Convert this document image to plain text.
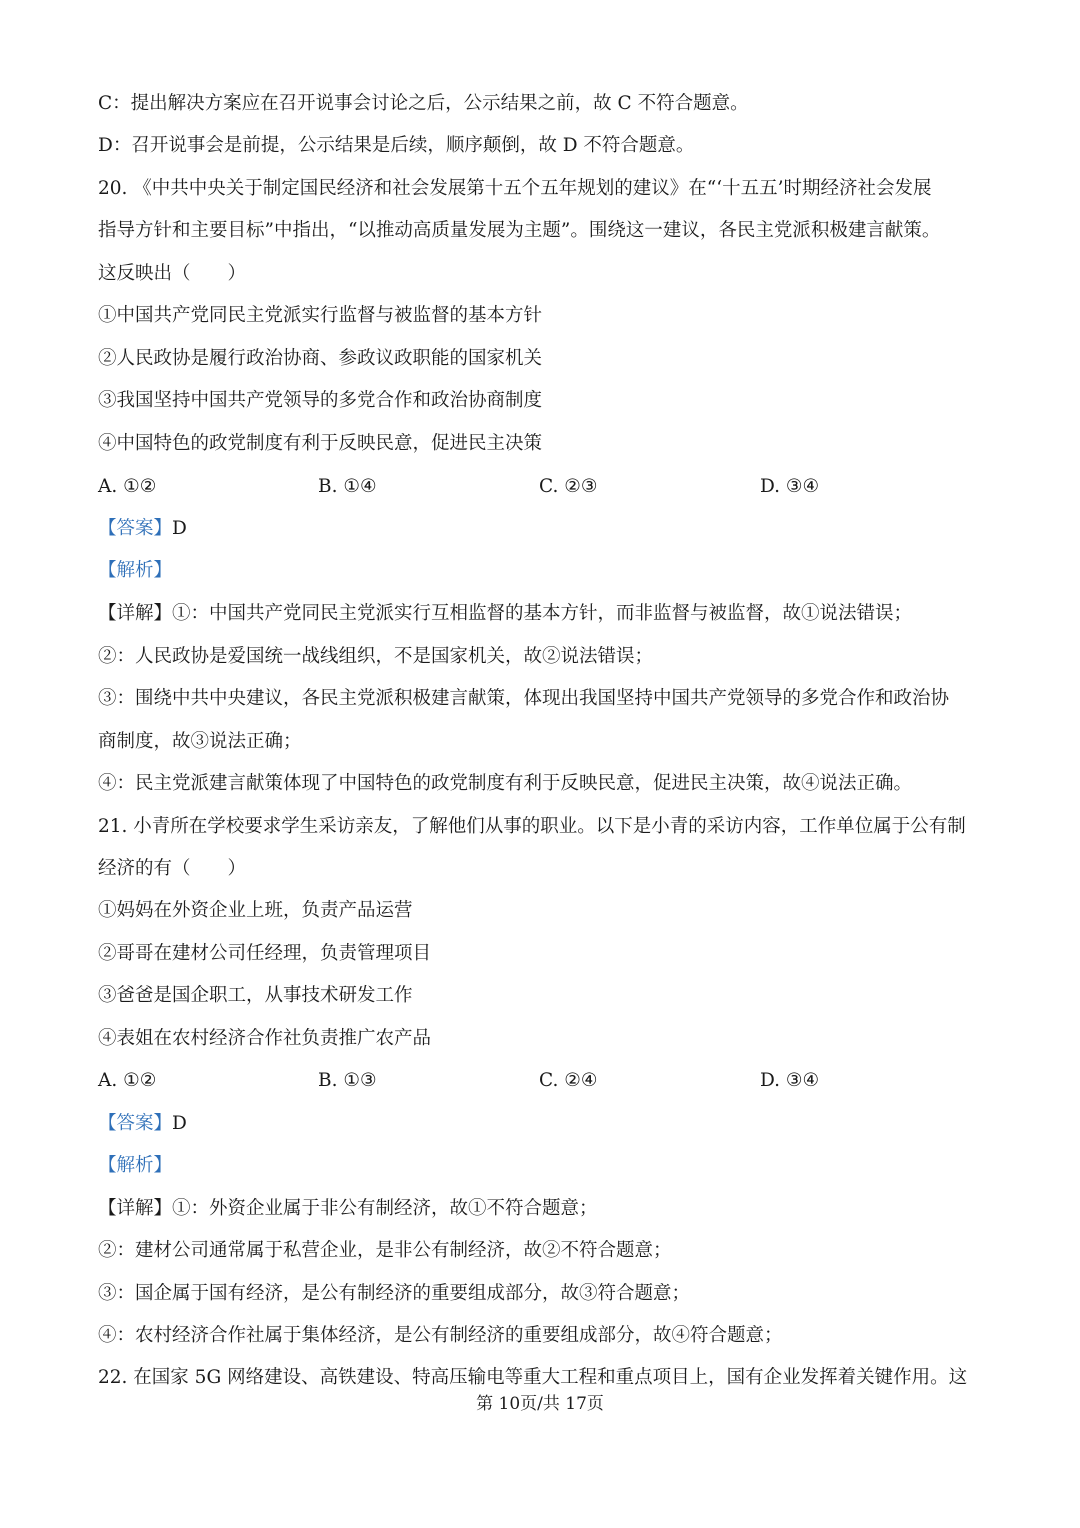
C：提出解决方案应在召开说事会讨论之后，公示结果之前，故 C 不符合题意。
D：召开说事会是前提，公示结果是后续，顺序颠倒，故 D 不符合题意。
20. 《中共中央关于制定国民经济和社会发展第十五个五年规划的建议》在“‘十五五’时期经济社会发展
指导方针和主要目标”中指出，“以推动高质量发展为主题”。围绕这一建议，各民主党派积极建言献策。
这反映出（　　）
①中国共产党同民主党派实行监督与被监督的基本方针
②人民政协是履行政治协商、参政议政职能的国家机关
③我国坚持中国共产党领导的多党合作和政治协商制度
④中国特色的政党制度有利于反映民意，促进民主决策
A. ①②	B. ①④	C. ②③	D. ③④
【答案】D
【解析】
【详解】①：中国共产党同民主党派实行互相监督的基本方针，而非监督与被监督，故①说法错误；
②：人民政协是爱国统一战线组织，不是国家机关，故②说法错误；
③：围绕中共中央建议，各民主党派积极建言献策，体现出我国坚持中国共产党领导的多党合作和政治协
商制度，故③说法正确；
④：民主党派建言献策体现了中国特色的政党制度有利于反映民意，促进民主决策，故④说法正确。
21. 小青所在学校要求学生采访亲友，了解他们从事的职业。以下是小青的采访内容，工作单位属于公有制
经济的有（　　）
①妈妈在外资企业上班，负责产品运营
②哥哥在建材公司任经理，负责管理项目
③爸爸是国企职工，从事技术研发工作
④表姐在农村经济合作社负责推广农产品
A. ①②	B. ①③	C. ②④	D. ③④
【答案】D
【解析】
【详解】①：外资企业属于非公有制经济，故①不符合题意；
②：建材公司通常属于私营企业，是非公有制经济，故②不符合题意；
③：国企属于国有经济，是公有制经济的重要组成部分，故③符合题意；
④：农村经济合作社属于集体经济，是公有制经济的重要组成部分，故④符合题意；
22. 在国家 5G 网络建设、高铁建设、特高压输电等重大工程和重点项目上，国有企业发挥着关键作用。这
第 10页/共 17页
